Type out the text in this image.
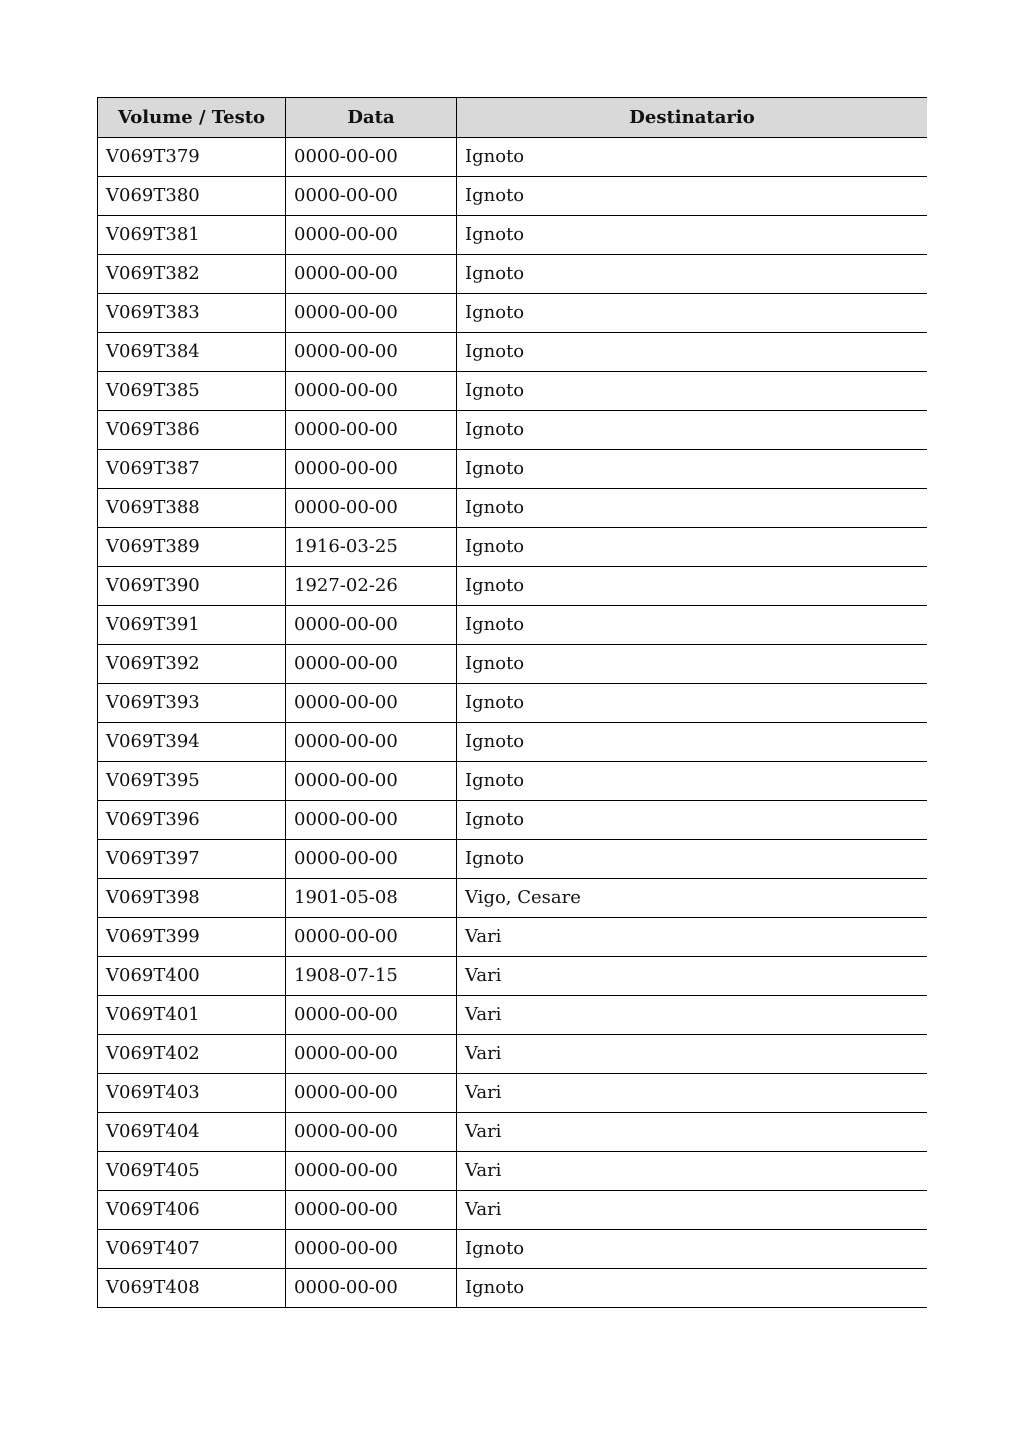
Volume / Testo	Data	Destinatario
V069T379	0000-00-00	Ignoto
V069T380	0000-00-00	Ignoto
V069T381	0000-00-00	Ignoto
V069T382	0000-00-00	Ignoto
V069T383	0000-00-00	Ignoto
V069T384	0000-00-00	Ignoto
V069T385	0000-00-00	Ignoto
V069T386	0000-00-00	Ignoto
V069T387	0000-00-00	Ignoto
V069T388	0000-00-00	Ignoto
V069T389	1916-03-25	Ignoto
V069T390	1927-02-26	Ignoto
V069T391	0000-00-00	Ignoto
V069T392	0000-00-00	Ignoto
V069T393	0000-00-00	Ignoto
V069T394	0000-00-00	Ignoto
V069T395	0000-00-00	Ignoto
V069T396	0000-00-00	Ignoto
V069T397	0000-00-00	Ignoto
V069T398	1901-05-08	Vigo, Cesare
V069T399	0000-00-00	Vari
V069T400	1908-07-15	Vari
V069T401	0000-00-00	Vari
V069T402	0000-00-00	Vari
V069T403	0000-00-00	Vari
V069T404	0000-00-00	Vari
V069T405	0000-00-00	Vari
V069T406	0000-00-00	Vari
V069T407	0000-00-00	Ignoto
V069T408	0000-00-00	Ignoto
